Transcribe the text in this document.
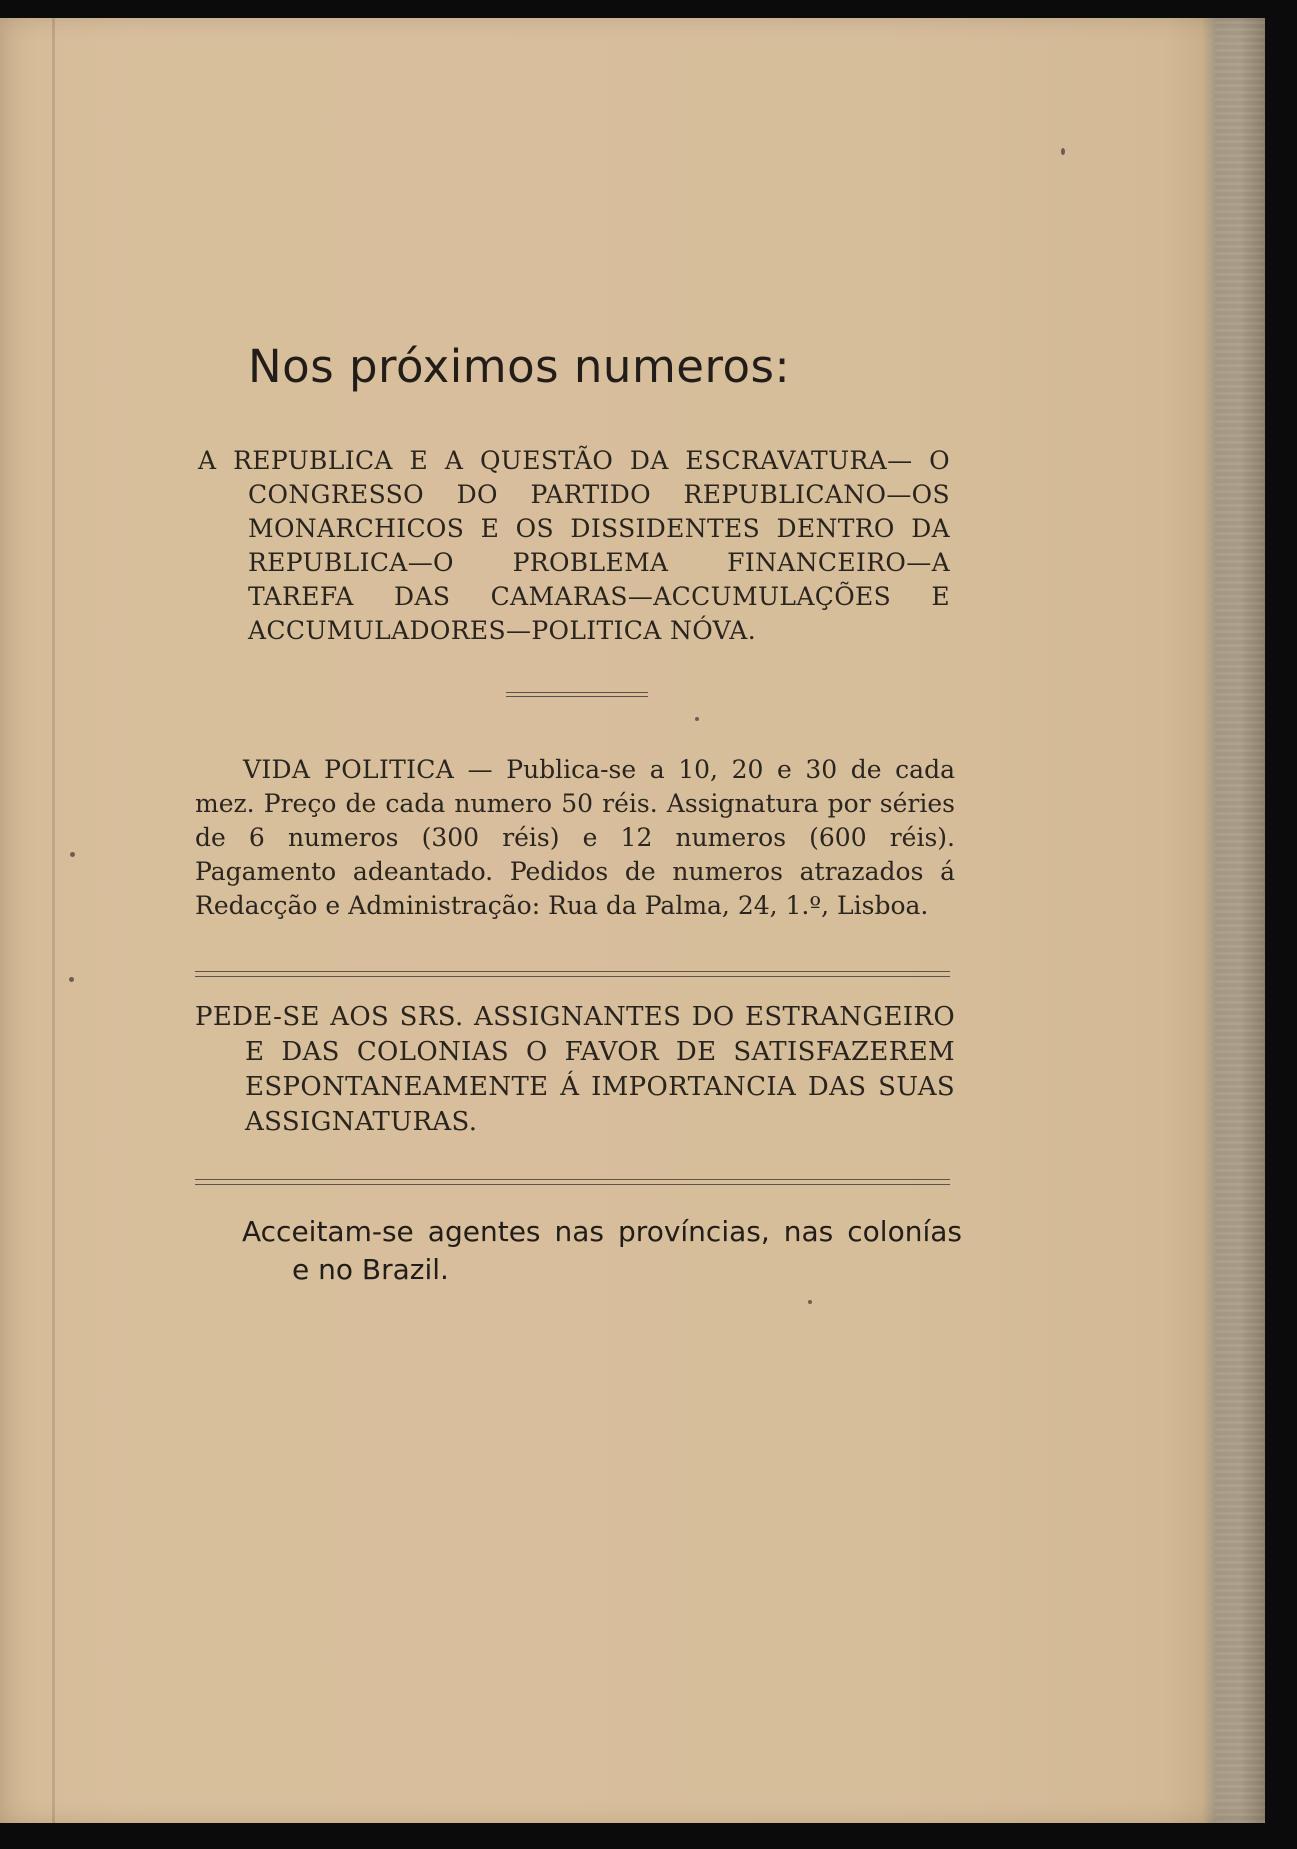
Nos próximos numeros:

A REPUBLICA E A QUESTÃO DA ESCRAVATURA— O CONGRESSO DO PARTIDO REPUBLICANO—OS MONARCHICOS E OS DISSIDENTES DENTRO DA REPUBLICA—O PROBLEMA FINANCEIRO—A TAREFA DAS CAMARAS—ACCUMULAÇÕES E ACCUMULADORES—POLITICA NÓVA.

VIDA POLITICA — Publica-se a 10, 20 e 30 de cada mez. Preço de cada numero 50 réis. Assignatura por séries de 6 numeros (300 réis) e 12 numeros (600 réis). Pagamento adeantado. Pedidos de numeros atrazados á Redacção e Administração: Rua da Palma, 24, 1.º, Lisboa.

PEDE-SE AOS SRS. ASSIGNANTES DO ESTRANGEIRO E DAS COLONIAS O FAVOR DE SATISFAZEREM ESPONTANEAMENTE Á IMPORTANCIA DAS SUAS ASSIGNATURAS.

Acceitam-se agentes nas províncias, nas colonías e no Brazil.
